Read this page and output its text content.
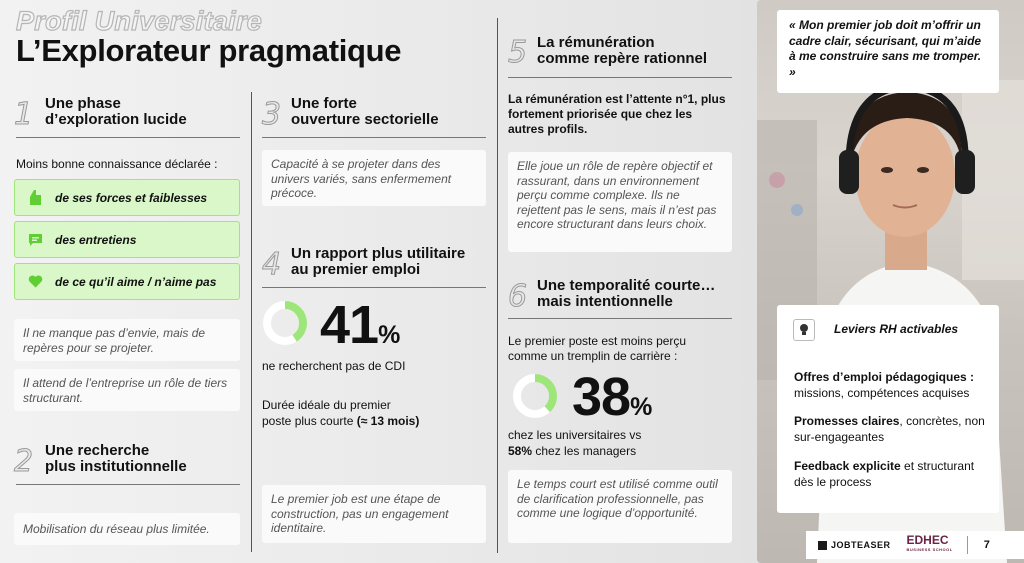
Profil Universitaire
L’Explorateur pragmatique
1 Une phase
d’exploration lucide
Moins bonne connaissance déclarée :
de ses forces et faiblesses
des entretiens
de ce qu’il aime / n’aime pas
Il ne manque pas d’envie, mais de repères pour se projeter.
Il attend de l’entreprise un rôle de tiers structurant.
2 Une recherche
plus institutionnelle
Mobilisation du réseau plus limitée.
3 Une forte
ouverture sectorielle
Capacité à se projeter dans des univers variés, sans enfermement précoce.
4 Un rapport plus utilitaire
au premier emploi
41%
ne recherchent pas de CDI
Durée idéale du premier
poste plus courte (≈ 13 mois)
Le premier job est une étape de construction, pas un engagement identitaire.
5 La rémunération
comme repère rationnel
La rémunération est l’attente n°1, plus fortement priorisée que chez les autres profils.
Elle joue un rôle de repère objectif et rassurant, dans un environnement perçu comme complexe. Ils ne rejettent pas le sens, mais il n’est pas encore structurant dans leurs choix.
6 Une temporalité courte…
mais intentionnelle
Le premier poste est moins perçu comme un tremplin de carrière :
38%
chez les universitaires vs
58% chez les managers
Le temps court est utilisé comme outil de clarification professionnelle, pas comme une logique d’opportunité.
« Mon premier job doit m’offrir un cadre clair, sécurisant, qui m’aide à me construire sans me tromper. »
Leviers RH activables
Offres d’emploi pédagogiques :
missions, compétences acquises
Promesses claires, concrètes, non sur-engageantes
Feedback explicite et structurant dès le process
JOBTEASER EDHEC
BUSINESS SCHOOL	7
